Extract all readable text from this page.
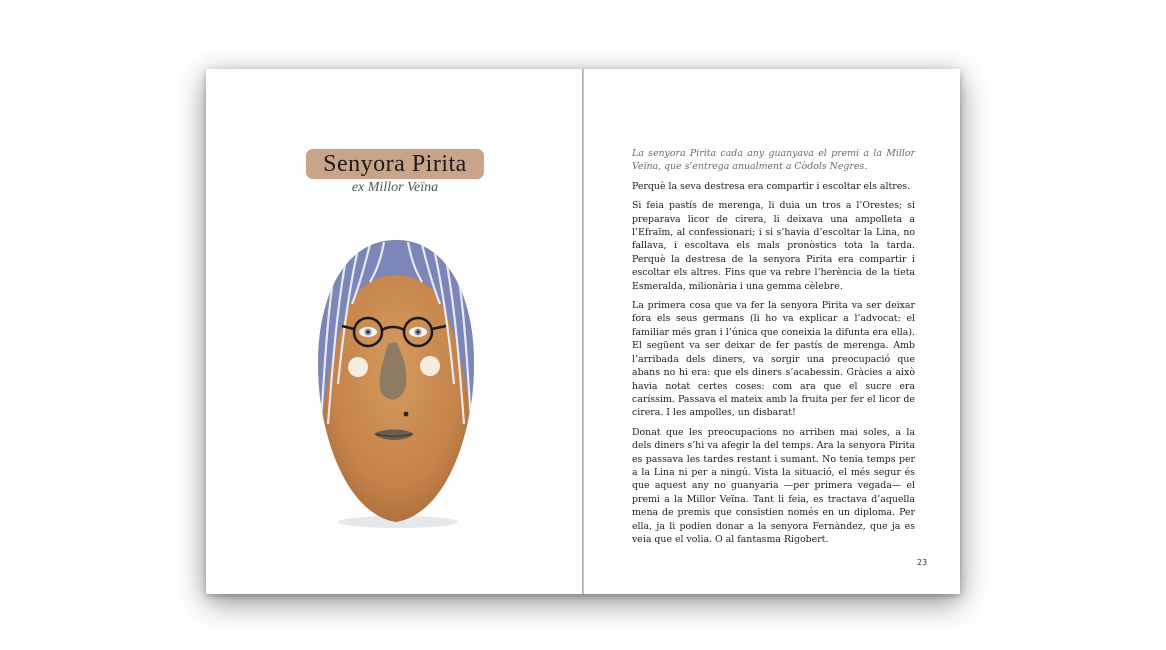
Senyora Pirita
ex Millor Veïna

La senyora Pirita cada any guanyava el premi a la Millor Veïna, que s’entrega anualment a Còdols Negres.

Perquè la seva destresa era compartir i escoltar els altres.

Si feia pastís de merenga, li duia un tros a l’Orestes; si preparava licor de cirera, li deixava una ampolleta a l’Efraïm, al confessionari; i si s’havia d’escoltar la Lina, no fallava, i escoltava els mals pronòstics tota la tarda. Perquè la destresa de la senyora Pirita era compartir i escoltar els altres. Fins que va rebre l’herència de la tieta Esmeralda, milionària i una gemma cèlebre.

La primera cosa que va fer la senyora Pirita va ser deixar fora els seus germans (li ho va explicar a l’advocat: el familiar més gran i l’única que coneixia la difunta era ella). El següent va ser deixar de fer pastís de merenga. Amb l’arribada dels diners, va sorgir una preocupació que abans no hi era: que els diners s’acabessin. Gràcies a això havia notat certes coses: com ara que el sucre era caríssim. Passava el mateix amb la fruita per fer el licor de cirera. I les ampolles, un disbarat!

Donat que les preocupacions no arriben mai soles, a la dels diners s’hi va afegir la del temps. Ara la senyora Pirita es passava les tardes restant i sumant. No tenia temps per a la Lina ni per a ningú. Vista la situació, el més segur és que aquest any no guanyaria —per primera vegada— el premi a la Millor Veïna. Tant li feia, es tractava d’aquella mena de premis que consistien només en un diploma. Per ella, ja li podien donar a la senyora Fernàndez, que ja es veia que el volia. O al fantasma Rigobert.

23
